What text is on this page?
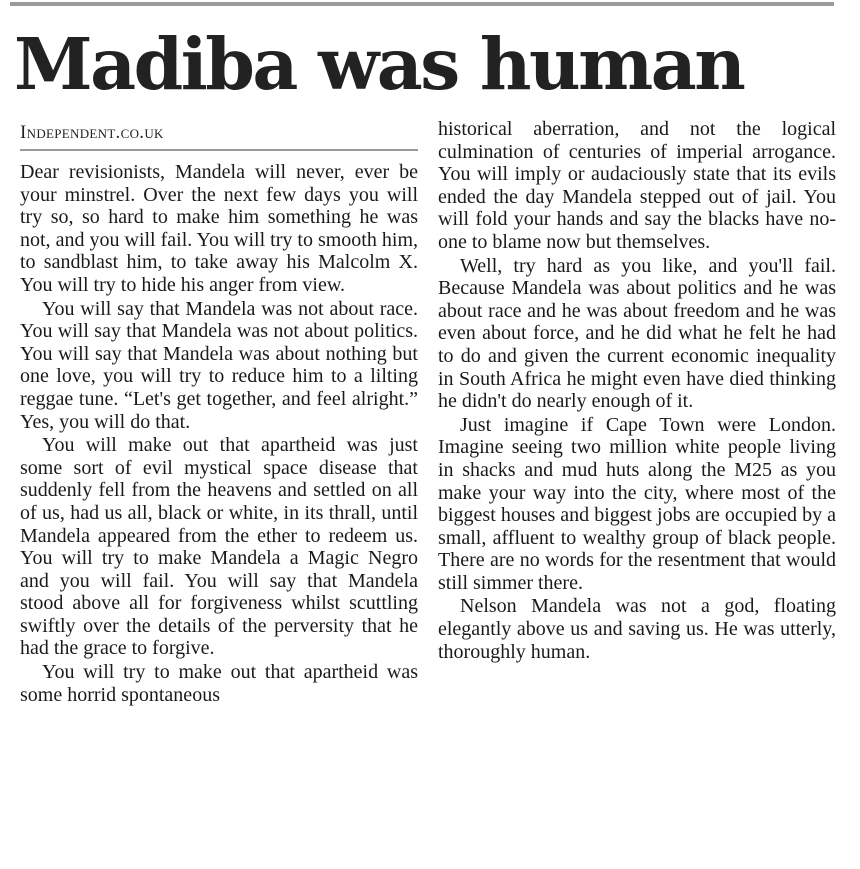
Madiba was human
Independent.co.uk

Dear revisionists, Mandela will never, ever be your minstrel. Over the next few days you will try so, so hard to make him something he was not, and you will fail. You will try to smooth him, to sandblast him, to take away his Malcolm X. You will try to hide his anger from view.

You will say that Mandela was not about race. You will say that Mandela was not about politics. You will say that Mandela was about nothing but one love, you will try to reduce him to a lilting reggae tune. “Let's get together, and feel alright.” Yes, you will do that.

You will make out that apartheid was just some sort of evil mystical space disease that suddenly fell from the heavens and settled on all of us, had us all, black or white, in its thrall, until Mandela appeared from the ether to redeem us. You will try to make Mandela a Magic Negro and you will fail. You will say that Mandela stood above all for forgiveness whilst scuttling swiftly over the details of the perversity that he had the grace to forgive.

You will try to make out that apartheid was some horrid spontaneous

historical aberration, and not the logical culmination of centuries of imperial arrogance. You will imply or audaciously state that its evils ended the day Mandela stepped out of jail. You will fold your hands and say the blacks have no-one to blame now but themselves.

Well, try hard as you like, and you'll fail. Because Mandela was about politics and he was about race and he was about freedom and he was even about force, and he did what he felt he had to do and given the current economic inequality in South Africa he might even have died thinking he didn't do nearly enough of it.

Just imagine if Cape Town were London. Imagine seeing two million white people living in shacks and mud huts along the M25 as you make your way into the city, where most of the biggest houses and biggest jobs are occupied by a small, affluent to wealthy group of black people. There are no words for the resentment that would still simmer there.

Nelson Mandela was not a god, floating elegantly above us and saving us. He was utterly, thoroughly human.
